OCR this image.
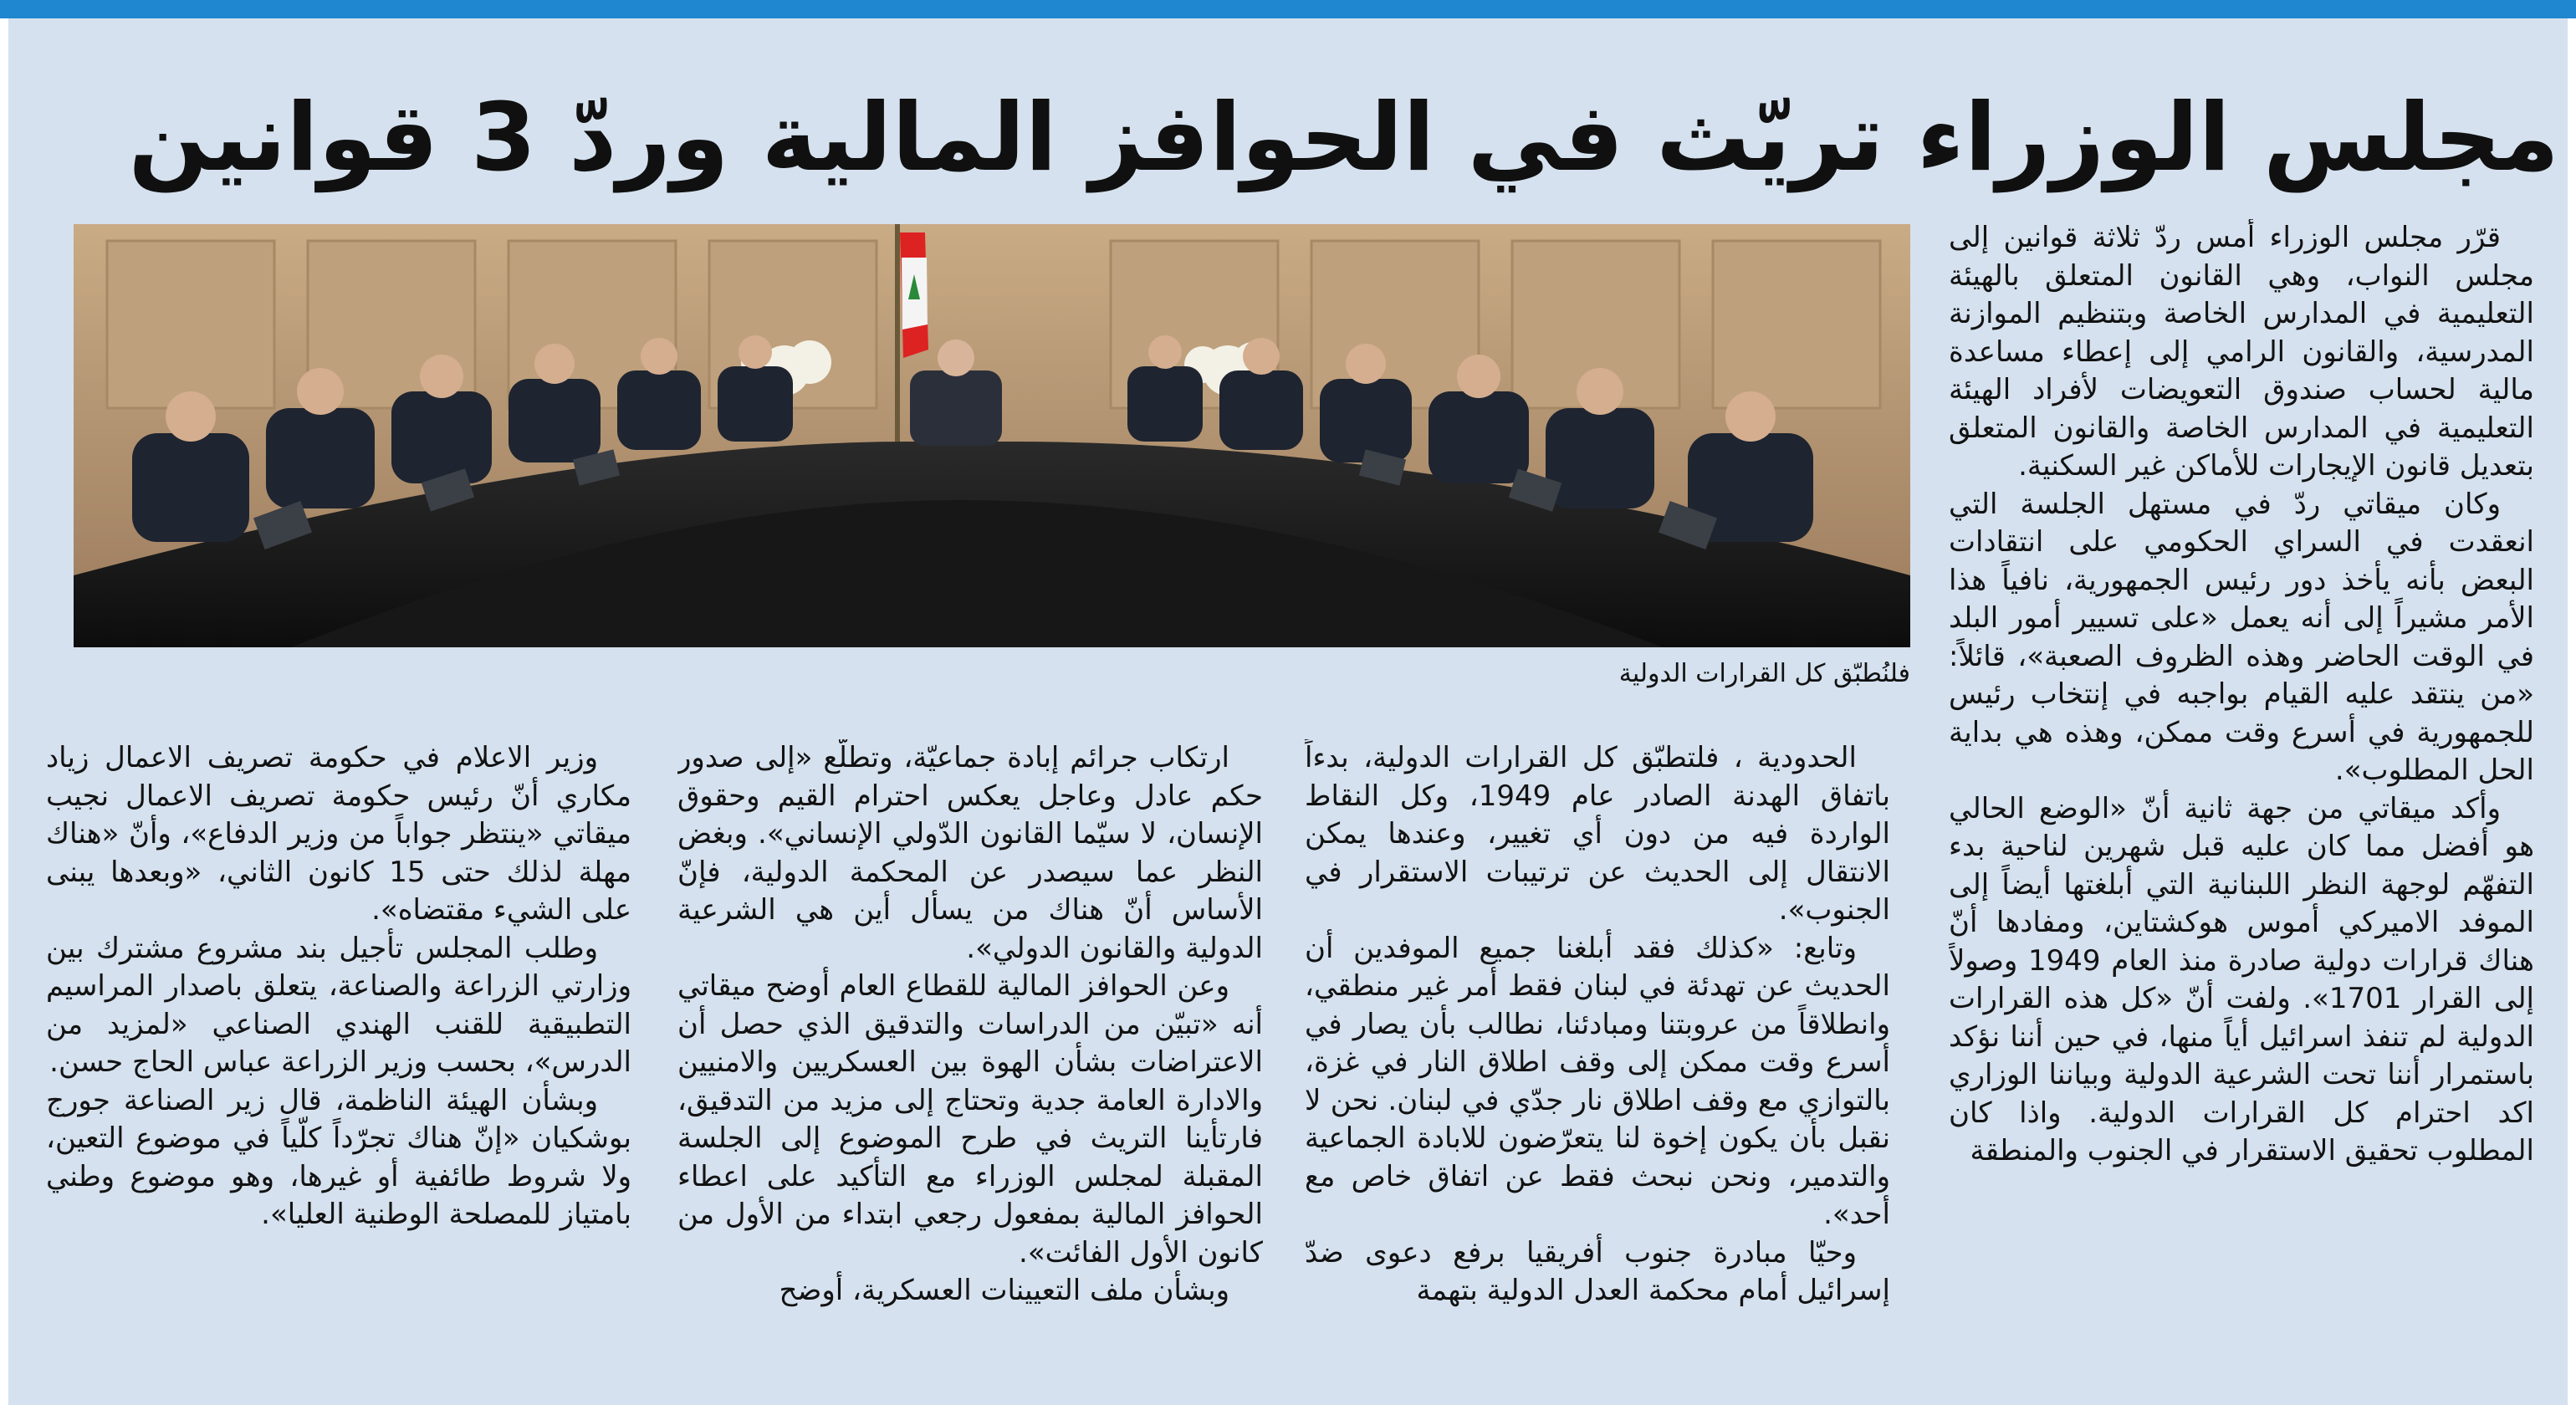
مجلس الوزراء تريّث في الحوافز المالية وردّ 3 قوانين

فلنُطبّق كل القرارات الدولية

قرّر مجلس الوزراء أمس ردّ ثلاثة قوانين إلى مجلس النواب، وهي القانون المتعلق بالهيئة التعليمية في المدارس الخاصة وبتنظيم الموازنة المدرسية، والقانون الرامي إلى إعطاء مساعدة مالية لحساب صندوق التعويضات لأفراد الهيئة التعليمية في المدارس الخاصة والقانون المتعلق بتعديل قانون الإيجارات للأماكن غير السكنية.

وكان ميقاتي ردّ في مستهل الجلسة التي انعقدت في السراي الحكومي على انتقادات البعض بأنه يأخذ دور رئيس الجمهورية، نافياً هذا الأمر مشيراً إلى أنه يعمل «على تسيير أمور البلد في الوقت الحاضر وهذه الظروف الصعبة»، قائلاً: «من ينتقد عليه القيام بواجبه في إنتخاب رئيس للجمهورية في أسرع وقت ممكن، وهذه هي بداية الحل المطلوب».

وأكد ميقاتي من جهة ثانية أنّ «الوضع الحالي هو أفضل مما كان عليه قبل شهرين لناحية بدء التفهّم لوجهة النظر اللبنانية التي أبلغتها أيضاً إلى الموفد الاميركي أموس هوكشتاين، ومفادها أنّ هناك قرارات دولية صادرة منذ العام 1949 وصولاً إلى القرار 1701». ولفت أنّ «كل هذه القرارات الدولية لم تنفذ اسرائيل أياً منها، في حين أننا نؤكد باستمرار أننا تحت الشرعية الدولية وبياننا الوزاري اكد احترام كل القرارات الدولية. واذا كان المطلوب تحقيق الاستقرار في الجنوب والمنطقة

الحدودية ، فلتطبّق كل القرارات الدولية، بدءاً باتفاق الهدنة الصادر عام 1949، وكل النقاط الواردة فيه من دون أي تغيير، وعندها يمكن الانتقال إلى الحديث عن ترتيبات الاستقرار في الجنوب».

وتابع: «كذلك فقد أبلغنا جميع الموفدين أن الحديث عن تهدئة في لبنان فقط أمر غير منطقي، وانطلاقاً من عروبتنا ومبادئنا، نطالب بأن يصار في أسرع وقت ممكن إلى وقف اطلاق النار في غزة، بالتوازي مع وقف اطلاق نار جدّي في لبنان. نحن لا نقبل بأن يكون إخوة لنا يتعرّضون للابادة الجماعية والتدمير، ونحن نبحث فقط عن اتفاق خاص مع أحد».

وحيّا مبادرة جنوب أفريقيا برفع دعوى ضدّ إسرائيل أمام محكمة العدل الدولية بتهمة

ارتكاب جرائم إبادة جماعيّة، وتطلّع «إلى صدور حكم عادل وعاجل يعكس احترام القيم وحقوق الإنسان، لا سيّما القانون الدّولي الإنساني». وبغض النظر عما سيصدر عن المحكمة الدولية، فإنّ الأساس أنّ هناك من يسأل أين هي الشرعية الدولية والقانون الدولي».

وعن الحوافز المالية للقطاع العام أوضح ميقاتي أنه «تبيّن من الدراسات والتدقيق الذي حصل أن الاعتراضات بشأن الهوة بين العسكريين والامنيين والادارة العامة جدية وتحتاج إلى مزيد من التدقيق، فارتأينا التريث في طرح الموضوع إلى الجلسة المقبلة لمجلس الوزراء مع التأكيد على اعطاء الحوافز المالية بمفعول رجعي ابتداء من الأول من كانون الأول الفائت».

وبشأن ملف التعيينات العسكرية، أوضح

وزير الاعلام في حكومة تصريف الاعمال زياد مكاري أنّ رئيس حكومة تصريف الاعمال نجيب ميقاتي «ينتظر جواباً من وزير الدفاع»، وأنّ «هناك مهلة لذلك حتى 15 كانون الثاني، «وبعدها يبنى على الشيء مقتضاه».

وطلب المجلس تأجيل بند مشروع مشترك بين وزارتي الزراعة والصناعة، يتعلق باصدار المراسيم التطبيقية للقنب الهندي الصناعي «لمزيد من الدرس»، بحسب وزير الزراعة عباس الحاج حسن.

وبشأن الهيئة الناظمة، قال زير الصناعة جورج بوشكيان «إنّ هناك تجرّداً كلّياً في موضوع التعين، ولا شروط طائفية أو غيرها، وهو موضوع وطني بامتياز للمصلحة الوطنية العليا».
